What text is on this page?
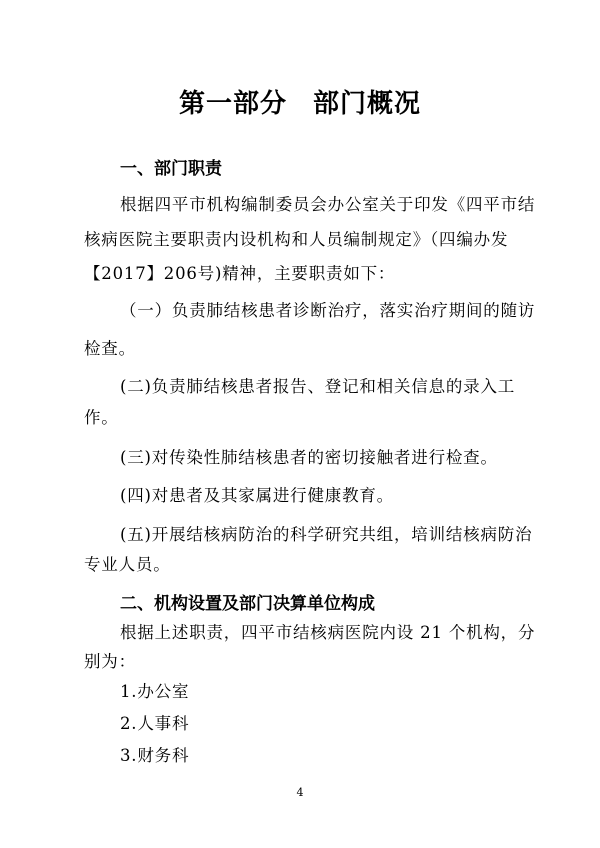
第一部分 部门概况
一、部门职责

根据四平市机构编制委员会办公室关于印发《四平市结

核病医院主要职责内设机构和人员编制规定》（四编办发

【2017】206号)精神，主要职责如下：

（一）负责肺结核患者诊断治疗，落实治疗期间的随访

检查。

(二)负责肺结核患者报告、登记和相关信息的录入工

作。

(三)对传染性肺结核患者的密切接触者进行检查。

(四)对患者及其家属进行健康教育。

(五)开展结核病防治的科学研究共组，培训结核病防治

专业人员。

二、机构设置及部门决算单位构成

根据上述职责，四平市结核病医院内设 21 个机构，分

别为：

1.办公室

2.人事科

3.财务科

4
